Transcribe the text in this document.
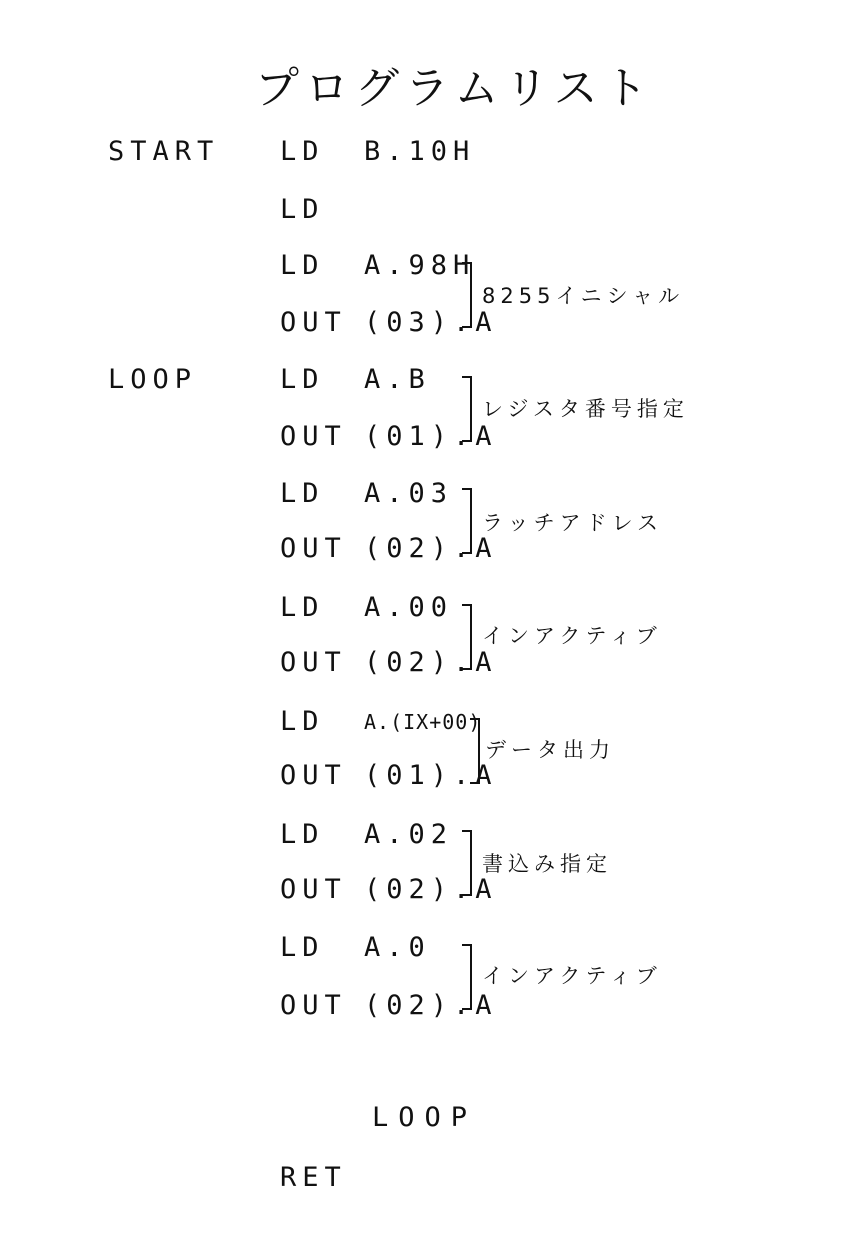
プログラムリスト
START
LOOP
LD B.10H
LD
LD A.98H
OUT (03).A
LD A.B
OUT (01).A
LD A.03
OUT (02).A
LD A.00
OUT (02).A
LD A.(IX+00)
OUT (01).A
LD A.02
OUT (02).A
LD A.0
OUT (02).A
8255イニシャル
レジスタ番号指定
ラッチアドレス
インアクティブ
データ出力
書込み指定
インアクティブ
LOOP
RET
